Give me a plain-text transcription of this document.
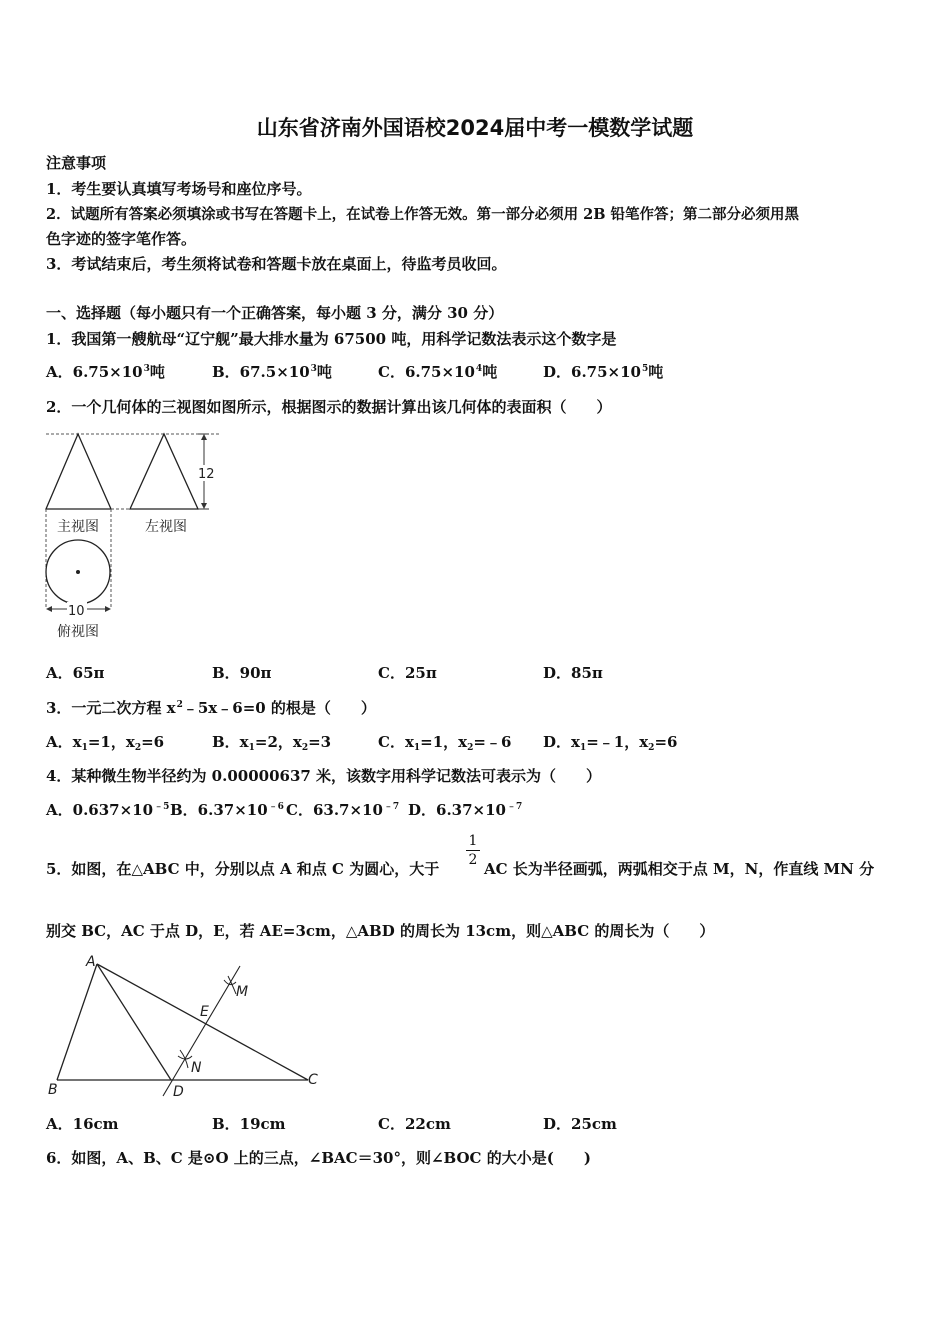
山东省济南外国语校2024届中考一模数学试题
注意事项
1．考生要认真填写考场号和座位序号。
2．试题所有答案必须填涂或书写在答题卡上，在试卷上作答无效。第一部分必须用 2B 铅笔作答；第二部分必须用黑
色字迹的签字笔作答。
3．考试结束后，考生须将试卷和答题卡放在桌面上，待监考员收回。
一、选择题（每小题只有一个正确答案，每小题 3 分，满分 30 分）
1．我国第一艘航母“辽宁舰”最大排水量为 67500 吨，用科学记数法表示这个数字是
A．$6.75\times 10^3$吨	B．$67.5\times 10^3$吨	C．$6.75\times 10^4$吨	D．$6.75\times 10^5$吨
2．一个几何体的三视图如图所示，根据图示的数据计算出该几何体的表面积（　　）
主视图	左视图
12
10
俯视图
A．65π	B．90π	C．25π	D．85π
3．一元二次方程 $x^2﹣5x﹣6=0$ 的根是（　　）
A．$x_1=1$，$x_2=6$	B．$x_1=2$，$x_2=3$	C．$x_1=1$，$x_2=﹣6$ D．$x_1=﹣1$，$x_2=6$
4．某种微生物半径约为 0.00000637 米，该数字用科学记数法可表示为（　　）
A．$0.637\times 10^{﹣5}$ B．$6.37\times 10^{﹣6}$ C．$63.7\times 10^{﹣7}$ D．$6.37\times 10^{﹣7}$
5．如图，在△ABC 中，分别以点 A 和点 C 为圆心，大于
1
2 AC 长为半径画弧，两弧相交于点 M，N，作直线 MN 分
别交 BC，AC 于点 D，E，若 AE=3cm，△ABD 的周长为 13cm，则△ABC 的周长为（　　）
A
B
C
D
E
M
N
A．16cm	B．19cm	C．22cm	D．25cm
6．如图，A、B、C 是⊙O 上的三点，∠BAC＝30°，则∠BOC 的大小是(　　)
